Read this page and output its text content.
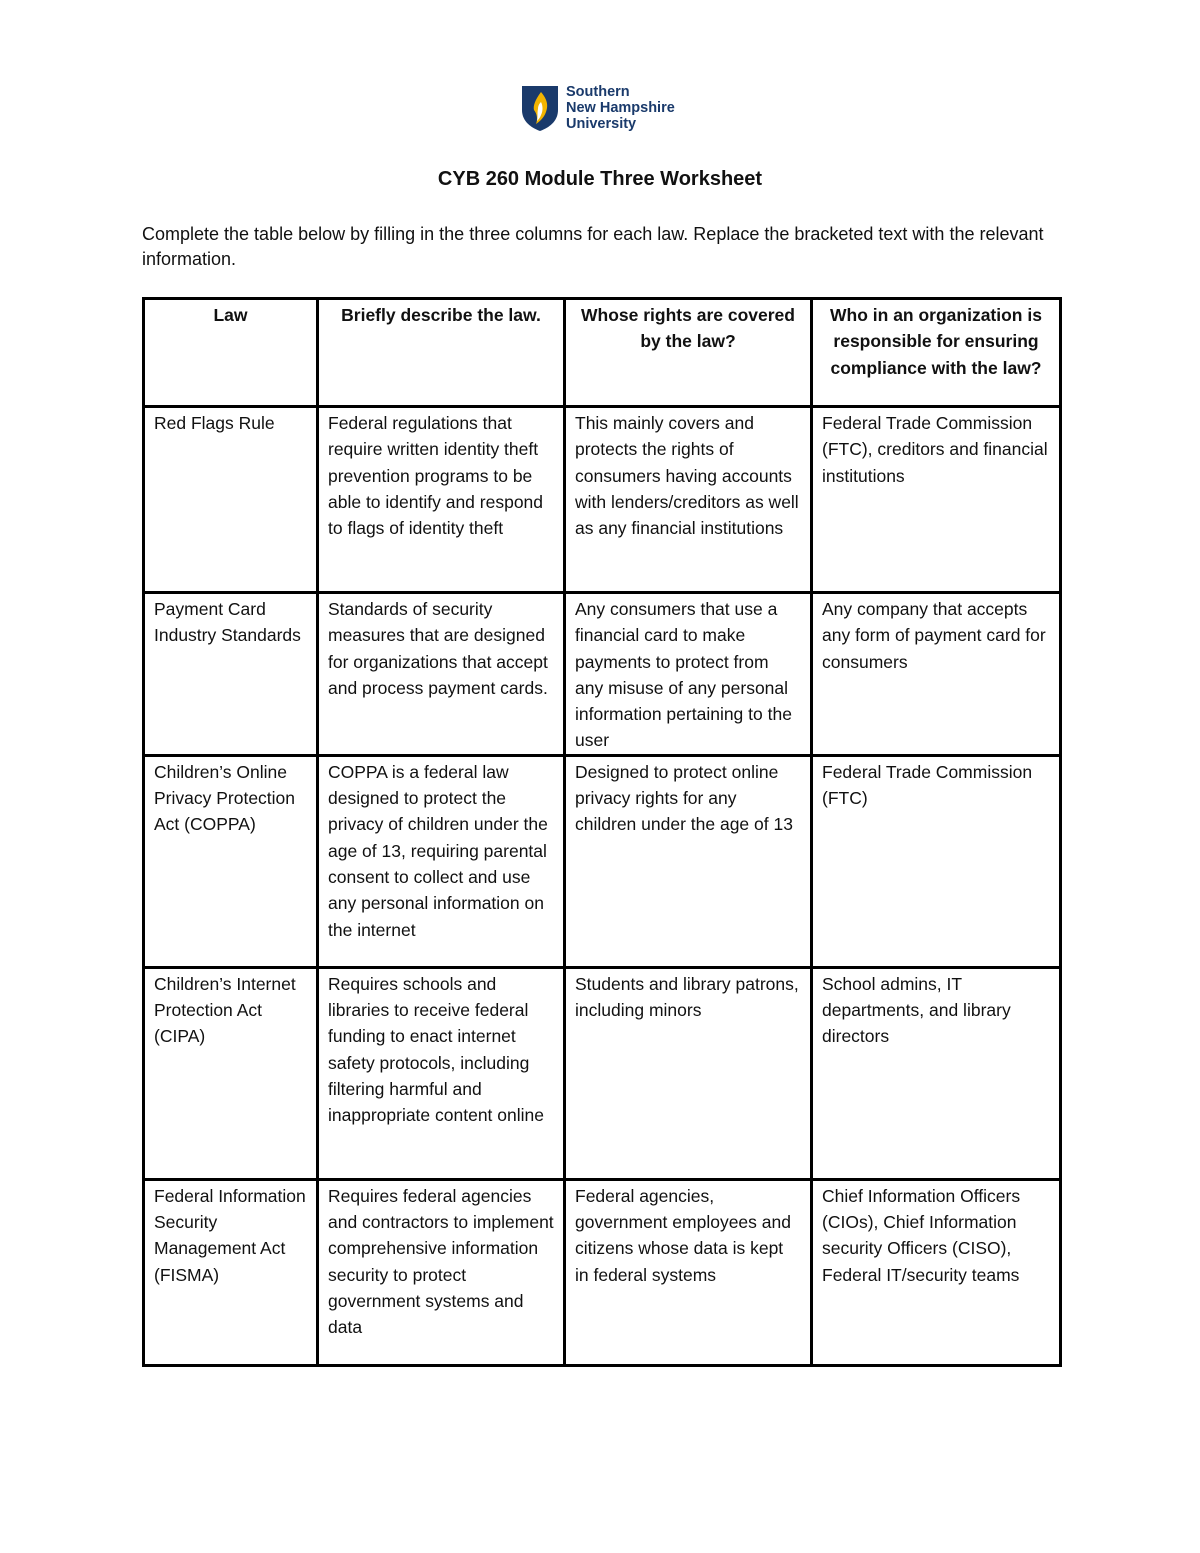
Southern
New Hampshire
University
CYB 260 Module Three Worksheet
Complete the table below by filling in the three columns for each law. Replace the bracketed text with the relevant information.
Law	Briefly describe the law.	Whose rights are covered by the law?	Who in an organization is responsible for ensuring compliance with the law?
Red Flags Rule	Federal regulations that require written identity theft prevention programs to be able to identify and respond to flags of identity theft	This mainly covers and protects the rights of consumers having accounts with lenders/creditors as well as any financial institutions	Federal Trade Commission (FTC), creditors and financial institutions
Payment Card Industry Standards	Standards of security measures that are designed for organizations that accept and process payment cards.	Any consumers that use a financial card to make payments to protect from any misuse of any personal information pertaining to the user	Any company that accepts any form of payment card for consumers
Children’s Online Privacy Protection Act (COPPA)	COPPA is a federal law designed to protect the privacy of children under the age of 13, requiring parental consent to collect and use any personal information on the internet	Designed to protect online privacy rights for any children under the age of 13	Federal Trade Commission (FTC)
Children’s Internet Protection Act (CIPA)	Requires schools and libraries to receive federal funding to enact internet safety protocols, including filtering harmful and inappropriate content online	Students and library patrons, including minors	School admins, IT departments, and library directors
Federal Information Security Management Act (FISMA)	Requires federal agencies and contractors to implement comprehensive information security to protect government systems and data	Federal agencies, government employees and citizens whose data is kept in federal systems	Chief Information Officers (CIOs), Chief Information security Officers (CISO), Federal IT/security teams
